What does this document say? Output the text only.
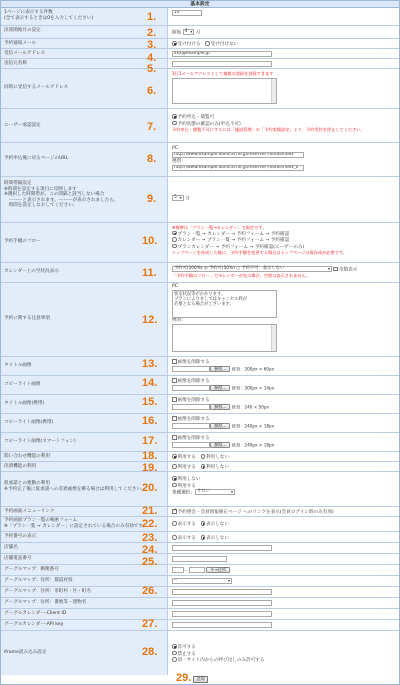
基本設定
1ページに表示する件数
(全て表示するときは0を入力してください)
10
決算開始月の設定	開始 4 ▾ 月
予約通知メール	受け付ける　 受け付けない
受信メールアドレス	xxx@example.jp
送信元名称
同時に受信するメールアドレス
1行1メールアドレスとして複数の登録を登録できます
ユーザー承認設定
予約申込・閲覧可
予約状態の確認のみ(申込不可)
予約申込・閲覧不可にするには「施設管理」の「予約実績設定」より、予約受付を停止してください。
予約申込後に戻るページのURL
PC：
http://www.example.admiral.ne.jp/reserve/?/hotel/index
携帯：
http://www.example.admiral.ne.jp/reserve/?/hotel/index_k
時間帯隔設定
※時間を設定する項目に反映します
※選択した時間帯が、この間隔と該当しない場合
　ーーーと表示されます。ーーーが表示されましたら、
　時間を設定しなおしてください。
5 ▾ 分
予約手順のフロー
※標準は「プラン一覧→カレンダー」で固定です。
プラン一覧 → カレンダー → 予約フォーム → 予約確認
カレンダー → プラン一覧 → 予約フォーム → 予約確認
プランカレンダー → 予約フォーム → 予約確認(ユーザーのみ)
トップページを作成した後に、予約手順を変更する場合はトップページの再作成が必要です。
カレンダー上の空状況表示
予約可(100%) ◎ 予約可(50%) ○ 予約不可：表示しない ▾	全数表示
「予約手順のフロー」でカレンダーが先の場合、空席は表示されません。
予約に関する注意事項
PC：
客室状況等がかかります。
プランによりましてはキャンセル料が
必要となる場合がございます。
携帯：
タイトル画像
画像を削除する
参照... 推奨：300px × 60px
コピーライト画像
画像を削除する
参照... 推奨：300px × 14px
タイトル画像(携帯)
画像を削除する
参照... 推奨：240 × 50px
コピーライト画像(携帯)
画像を削除する
参照... 推奨：240px × 18px
コピーライト画像(スマートフォン)
画像を削除する
参照... 推奨：240px × 18px
問い合わせ機能の利用	利用する　 利用しない
決済機能の利用	利用する　 利用しない
仮承諾との連動の利用
※予約完了後に仮承諾への差異画像を飾る場合は利用してください。
利用しない
利用する
業種選択： サロン ▾
予約画面メニューリンク
✓	予約照会・会員情報修正ページ へのリンクを表示(会員ログイン時のみ有効)
予約画面プラン一覧の検索フォーム
※「プラン一覧 → カレンダー」に設定されている場合のみ有効です。	表示する　 表示しない
予約番号の表示	表示する　 表示しない
店舗名
店舗電話番号
グーグルマップ：郵便番号	-	〒→住所
グーグルマップ：住所：都道府県	-- ▾
グーグルマップ：住所：市町村・区・町名
グーグルマップ：住所：番地等・建物名
グーグルカレンダー-Client ID
グーグルカレンダー-API key
iframe読み込み設定
許可する
禁止する
同一サイト内からの呼び出しのみ許可する
登録
1.
2.
3.
4.
5.
6.
7.
8.
9.
10.
11.
12.
13.
14.
15.
16.
17.
18.
19.
20.
21.
22.
23.
24.
25.
26.
27.
28.
29.
